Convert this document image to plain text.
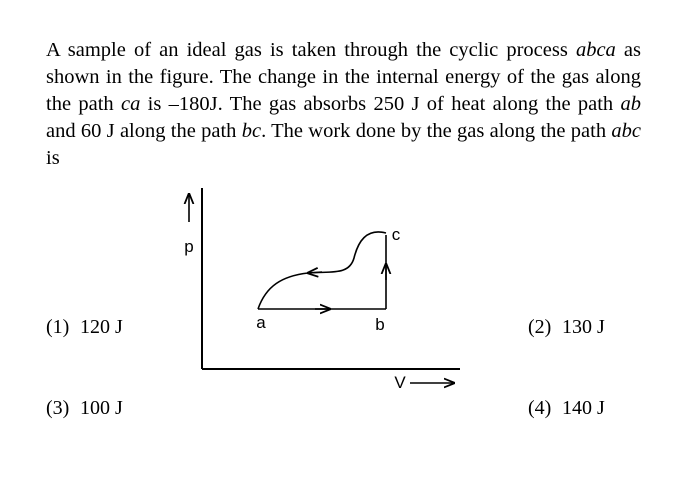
A sample of an ideal gas is taken through the cyclic process abca as shown in the figure. The change in the internal energy of the gas along the path ca is –180J. The gas absorbs 250 J of heat along the path ab and 60 J along the path bc. The work done by the gas along the path abc is
p
V
a	b
c
(1) 120 J	(2) 130 J
(3) 100 J	(4) 140 J
